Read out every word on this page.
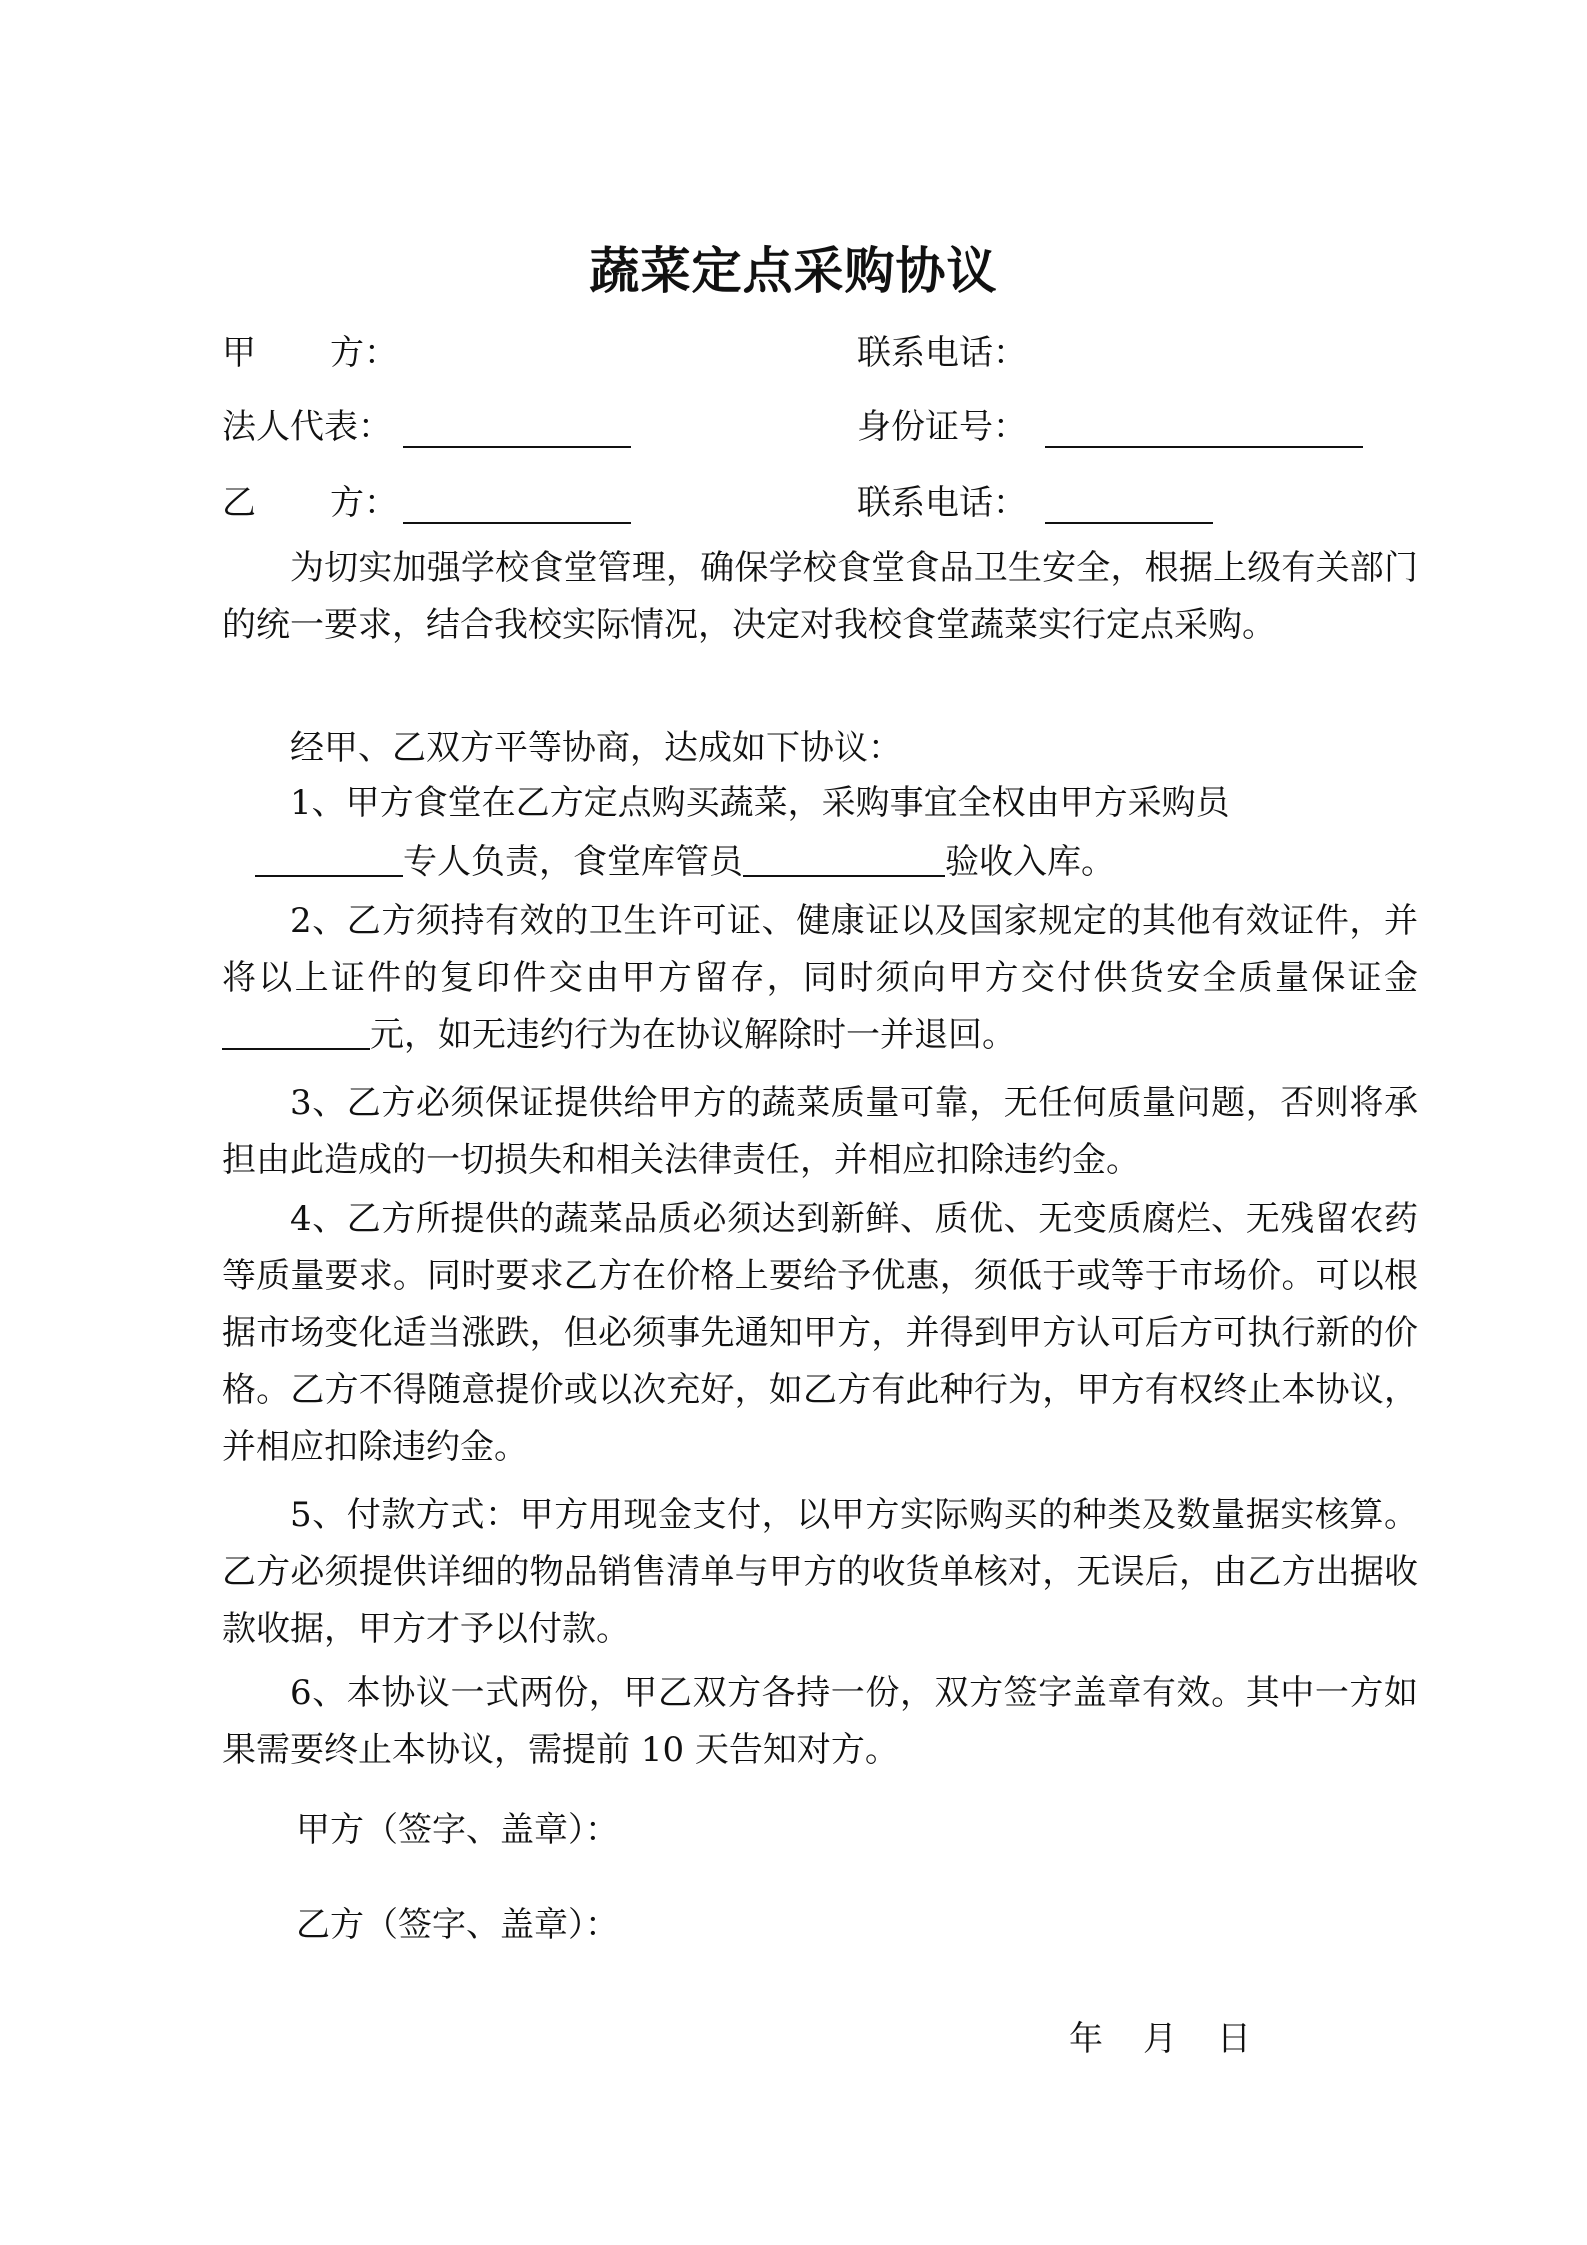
蔬菜定点采购协议
甲 方：	联系电话：
法人代表：	身份证号：
乙 方：	联系电话：
为切实加强学校食堂管理，确保学校食堂食品卫生安全，根据上级有关部门的统一要求，结合我校实际情况，决定对我校食堂蔬菜实行定点采购。
经甲、乙双方平等协商，达成如下协议：
1、甲方食堂在乙方定点购买蔬菜，采购事宜全权由甲方采购员
专人负责，食堂库管员	验收入库。
2、乙方须持有效的卫生许可证、健康证以及国家规定的其他有效证件，并将以上证件的复印件交由甲方留存，同时须向甲方交付供货安全质量保证金元，如无违约行为在协议解除时一并退回。
3、乙方必须保证提供给甲方的蔬菜质量可靠，无任何质量问题，否则将承担由此造成的一切损失和相关法律责任，并相应扣除违约金。
4、乙方所提供的蔬菜品质必须达到新鲜、质优、无变质腐烂、无残留农药等质量要求。同时要求乙方在价格上要给予优惠，须低于或等于市场价。可以根据市场变化适当涨跌，但必须事先通知甲方，并得到甲方认可后方可执行新的价格。乙方不得随意提价或以次充好，如乙方有此种行为，甲方有权终止本协议，并相应扣除违约金。
5、付款方式：甲方用现金支付，以甲方实际购买的种类及数量据实核算。乙方必须提供详细的物品销售清单与甲方的收货单核对，无误后，由乙方出据收款收据，甲方才予以付款。
6、本协议一式两份，甲乙双方各持一份，双方签字盖章有效。其中一方如果需要终止本协议，需提前 10 天告知对方。
甲方（签字、盖章）：
乙方（签字、盖章）：
年 月 日
